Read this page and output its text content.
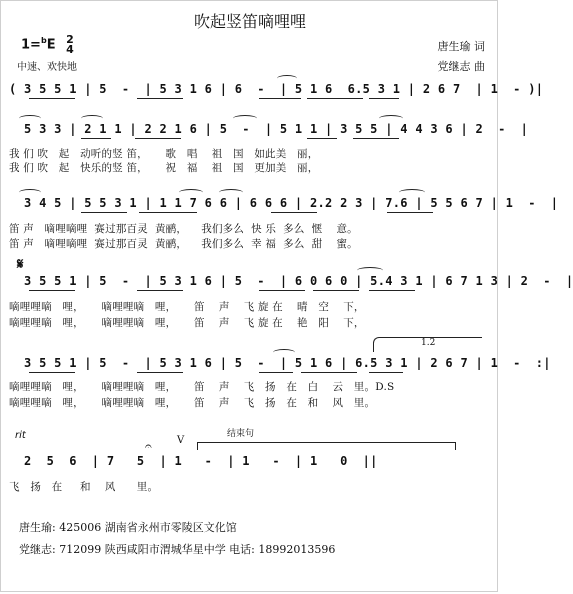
吹起竖笛嘀哩哩
1=$^b$E 2
4
中速、欢快地
唐生瑜 词
党继志 曲
( 3 5 5 1 | 5  -  | 5 3 1 6 | 6  -  | 5 1 6  6.5 3 1 | 2 6 7  | 1  - )|
5 3 3 | 2 1 1 | 2 2 1 6 | 5  -  | 5 1 1 | 3 5 5 | 4 4 3 6 | 2  -  |
我 们 吹   起   动听的竖 笛，     歌   唱    祖   国   如此美   丽，
我 们 吹   起   快乐的竖 笛，     祝   福    祖   国   更加美   丽，
3 4 5 | 5 5 3 1 | 1 1 7 6 6 | 6 6 6 | 2.2 2 3 | 7.6 | 5 5 6 7 | 1  -  |
笛 声   嘀哩嘀哩  赛过那百灵  黄鹂，    我们多么  快 乐  多么  惬    意。
笛 声   嘀哩嘀哩  赛过那百灵  黄鹂，    我们多么  幸 福  多么  甜    蜜。
𝄋
3 5 5 1 | 5  -  | 5 3 1 6 | 5  -  | 6 0 6 0 | 5.4 3 1 | 6 7 1 3 | 2  -  |
嘀哩哩嘀   哩，     嘀哩哩嘀   哩，     笛    声    飞 旋 在    晴   空    下，
嘀哩哩嘀   哩，     嘀哩哩嘀   哩，     笛    声    飞 旋 在    艳   阳    下，
1.2
3 5 5 1 | 5  -  | 5 3 1 6 | 5  -  | 5 1 6 | 6.5 3 1 | 2 6 7 | 1  -  :|
嘀哩哩嘀   哩，     嘀哩哩嘀   哩，     笛    声    飞   扬   在   白    云   里。D.S
嘀哩哩嘀   哩，     嘀哩哩嘀   哩，     笛    声    飞   扬   在   和    风   里。
rit
𝄐	V
结束句
2  5  6  | 7   5  | 1   -  | 1   -  | 1   0  ||
飞   扬   在     和    风      里。
唐生瑜: 425006 湖南省永州市零陵区文化馆
党继志: 712099 陕西咸阳市渭城华星中学 电话: 18992013596
